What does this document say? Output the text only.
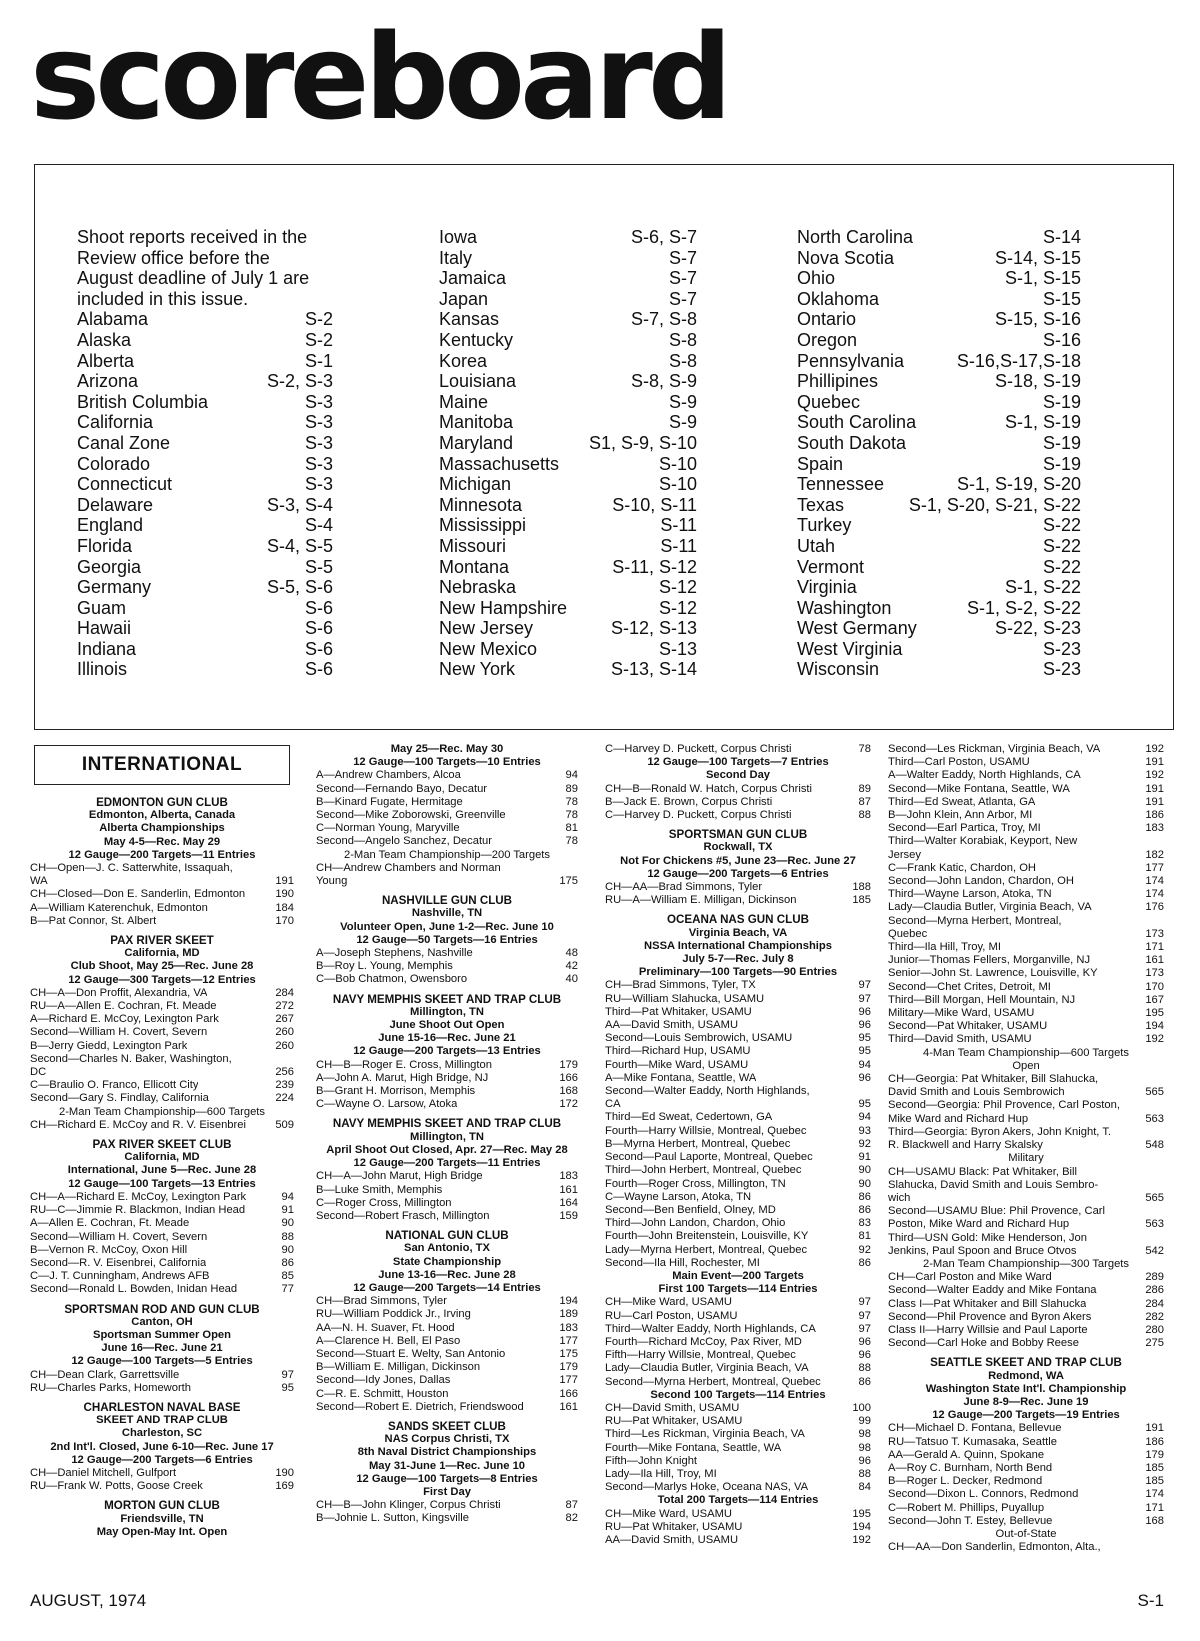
scoreboard
Shoot reports received in the
Review office before the
August deadline of July 1 are
included in this issue.
Alabama	S-2
Alaska	S-2
Alberta	S-1
Arizona	S-2, S-3
British Columbia	S-3
California	S-3
Canal Zone	S-3
Colorado	S-3
Connecticut	S-3
Delaware	S-3, S-4
England	S-4
Florida	S-4, S-5
Georgia	S-5
Germany	S-5, S-6
Guam	S-6
Hawaii	S-6
Indiana	S-6
Illinois	S-6
Iowa	S-6, S-7
Italy	S-7
Jamaica	S-7
Japan	S-7
Kansas	S-7, S-8
Kentucky	S-8
Korea	S-8
Louisiana	S-8, S-9
Maine	S-9
Manitoba	S-9
Maryland	S1, S-9, S-10
Massachusetts	S-10
Michigan	S-10
Minnesota	S-10, S-11
Mississippi	S-11
Missouri	S-11
Montana	S-11, S-12
Nebraska	S-12
New Hampshire	S-12
New Jersey	S-12, S-13
New Mexico	S-13
New York	S-13, S-14
North Carolina	S-14
Nova Scotia	S-14, S-15
Ohio	S-1, S-15
Oklahoma	S-15
Ontario	S-15, S-16
Oregon	S-16
Pennsylvania	S-16,S-17,S-18
Phillipines	S-18, S-19
Quebec	S-19
South Carolina	S-1, S-19
South Dakota	S-19
Spain	S-19
Tennessee	S-1, S-19, S-20
Texas	S-1, S-20, S-21, S-22
Turkey	S-22
Utah	S-22
Vermont	S-22
Virginia	S-1, S-22
Washington	S-1, S-2, S-22
West Germany	S-22, S-23
West Virginia	S-23
Wisconsin	S-23
INTERNATIONAL
EDMONTON GUN CLUB
Edmonton, Alberta, Canada
Alberta Championships
May 4-5—Rec. May 29
12 Gauge—200 Targets—11 Entries
CH—Open—J. C. Satterwhite, Issaquah,
WA	191
CH—Closed—Don E. Sanderlin, Edmonton	190
A—William Katerenchuk, Edmonton	184
B—Pat Connor, St. Albert	170
PAX RIVER SKEET
California, MD
Club Shoot, May 25—Rec. June 28
12 Gauge—300 Targets—12 Entries
CH—A—Don Proffit, Alexandria, VA	284
RU—A—Allen E. Cochran, Ft. Meade	272
A—Richard E. McCoy, Lexington Park	267
Second—William H. Covert, Severn	260
B—Jerry Giedd, Lexington Park	260
Second—Charles N. Baker, Washington,
DC	256
C—Braulio O. Franco, Ellicott City	239
Second—Gary S. Findlay, California	224
2-Man Team Championship—600 Targets
CH—Richard E. McCoy and R. V. Eisenbrei	509
PAX RIVER SKEET CLUB
California, MD
International, June 5—Rec. June 28
12 Gauge—100 Targets—13 Entries
CH—A—Richard E. McCoy, Lexington Park	94
RU—C—Jimmie R. Blackmon, Indian Head	91
A—Allen E. Cochran, Ft. Meade	90
Second—William H. Covert, Severn	88
B—Vernon R. McCoy, Oxon Hill	90
Second—R. V. Eisenbrei, California	86
C—J. T. Cunningham, Andrews AFB	85
Second—Ronald L. Bowden, Inidan Head	77
SPORTSMAN ROD AND GUN CLUB
Canton, OH
Sportsman Summer Open
June 16—Rec. June 21
12 Gauge—100 Targets—5 Entries
CH—Dean Clark, Garrettsville	97
RU—Charles Parks, Homeworth	95
CHARLESTON NAVAL BASE
SKEET AND TRAP CLUB
Charleston, SC
2nd Int'l. Closed, June 6-10—Rec. June 17
12 Gauge—200 Targets—6 Entries
CH—Daniel Mitchell, Gulfport	190
RU—Frank W. Potts, Goose Creek	169
MORTON GUN CLUB
Friendsville, TN
May Open-May Int. Open
May 25—Rec. May 30
12 Gauge—100 Targets—10 Entries
A—Andrew Chambers, Alcoa	94
Second—Fernando Bayo, Decatur	89
B—Kinard Fugate, Hermitage	78
Second—Mike Zoborowski, Greenville	78
C—Norman Young, Maryville	81
Second—Angelo Sanchez, Decatur	78
2-Man Team Championship—200 Targets
CH—Andrew Chambers and Norman
Young	175
NASHVILLE GUN CLUB
Nashville, TN
Volunteer Open, June 1-2—Rec. June 10
12 Gauge—50 Targets—16 Entries
A—Joseph Stephens, Nashville	48
B—Roy L. Young, Memphis	42
C—Bob Chatmon, Owensboro	40
NAVY MEMPHIS SKEET AND TRAP CLUB
Millington, TN
June Shoot Out Open
June 15-16—Rec. June 21
12 Gauge—200 Targets—13 Entries
CH—B—Roger E. Cross, Millington	179
A—John A. Marut, High Bridge, NJ	166
B—Grant H. Morrison, Memphis	168
C—Wayne O. Larsow, Atoka	172
NAVY MEMPHIS SKEET AND TRAP CLUB
Millington, TN
April Shoot Out Closed, Apr. 27—Rec. May 28
12 Gauge—200 Targets—11 Entries
CH—A—John Marut, High Bridge	183
B—Luke Smith, Memphis	161
C—Roger Cross, Millington	164
Second—Robert Frasch, Millington	159
NATIONAL GUN CLUB
San Antonio, TX
State Championship
June 13-16—Rec. June 28
12 Gauge—200 Targets—14 Entries
CH—Brad Simmons, Tyler	194
RU—William Poddick Jr., Irving	189
AA—N. H. Suaver, Ft. Hood	183
A—Clarence H. Bell, El Paso	177
Second—Stuart E. Welty, San Antonio	175
B—William E. Milligan, Dickinson	179
Second—Idy Jones, Dallas	177
C—R. E. Schmitt, Houston	166
Second—Robert E. Dietrich, Friendswood	161
SANDS SKEET CLUB
NAS Corpus Christi, TX
8th Naval District Championships
May 31-June 1—Rec. June 10
12 Gauge—100 Targets—8 Entries
First Day
CH—B—John Klinger, Corpus Christi	87
B—Johnie L. Sutton, Kingsville	82
C—Harvey D. Puckett, Corpus Christi	78
12 Gauge—100 Targets—7 Entries
Second Day
CH—B—Ronald W. Hatch, Corpus Christi	89
B—Jack E. Brown, Corpus Christi	87
C—Harvey D. Puckett, Corpus Christi	88
SPORTSMAN GUN CLUB
Rockwall, TX
Not For Chickens #5, June 23—Rec. June 27
12 Gauge—200 Targets—6 Entries
CH—AA—Brad Simmons, Tyler	188
RU—A—William E. Milligan, Dickinson	185
OCEANA NAS GUN CLUB
Virginia Beach, VA
NSSA International Championships
July 5-7—Rec. July 8
Preliminary—100 Targets—90 Entries
CH—Brad Simmons, Tyler, TX	97
RU—William Slahucka, USAMU	97
Third—Pat Whitaker, USAMU	96
AA—David Smith, USAMU	96
Second—Louis Sembrowich, USAMU	95
Third—Richard Hup, USAMU	95
Fourth—Mike Ward, USAMU	94
A—Mike Fontana, Seattle, WA	96
Second—Walter Eaddy, North Highlands,
CA	95
Third—Ed Sweat, Cedertown, GA	94
Fourth—Harry Willsie, Montreal, Quebec	93
B—Myrna Herbert, Montreal, Quebec	92
Second—Paul Laporte, Montreal, Quebec	91
Third—John Herbert, Montreal, Quebec	90
Fourth—Roger Cross, Millington, TN	90
C—Wayne Larson, Atoka, TN	86
Second—Ben Benfield, Olney, MD	86
Third—John Landon, Chardon, Ohio	83
Fourth—John Breitenstein, Louisville, KY	81
Lady—Myrna Herbert, Montreal, Quebec	92
Second—Ila Hill, Rochester, MI	86
Main Event—200 Targets
First 100 Targets—114 Entries
CH—Mike Ward, USAMU	97
RU—Carl Poston, USAMU	97
Third—Walter Eaddy, North Highlands, CA	97
Fourth—Richard McCoy, Pax River, MD	96
Fifth—Harry Willsie, Montreal, Quebec	96
Lady—Claudia Butler, Virginia Beach, VA	88
Second—Myrna Herbert, Montreal, Quebec	86
Second 100 Targets—114 Entries
CH—David Smith, USAMU	100
RU—Pat Whitaker, USAMU	99
Third—Les Rickman, Virginia Beach, VA	98
Fourth—Mike Fontana, Seattle, WA	98
Fifth—John Knight	96
Lady—Ila Hill, Troy, MI	88
Second—Marlys Hoke, Oceana NAS, VA	84
Total 200 Targets—114 Entries
CH—Mike Ward, USAMU	195
RU—Pat Whitaker, USAMU	194
AA—David Smith, USAMU	192
Second—Les Rickman, Virginia Beach, VA	192
Third—Carl Poston, USAMU	191
A—Walter Eaddy, North Highlands, CA	192
Second—Mike Fontana, Seattle, WA	191
Third—Ed Sweat, Atlanta, GA	191
B—John Klein, Ann Arbor, MI	186
Second—Earl Partica, Troy, MI	183
Third—Walter Korabiak, Keyport, New
Jersey	182
C—Frank Katic, Chardon, OH	177
Second—John Landon, Chardon, OH	174
Third—Wayne Larson, Atoka, TN	174
Lady—Claudia Butler, Virginia Beach, VA	176
Second—Myrna Herbert, Montreal,
Quebec	173
Third—Ila Hill, Troy, MI	171
Junior—Thomas Fellers, Morganville, NJ	161
Senior—John St. Lawrence, Louisville, KY	173
Second—Chet Crites, Detroit, MI	170
Third—Bill Morgan, Hell Mountain, NJ	167
Military—Mike Ward, USAMU	195
Second—Pat Whitaker, USAMU	194
Third—David Smith, USAMU	192
4-Man Team Championship—600 Targets
Open
CH—Georgia: Pat Whitaker, Bill Slahucka,
David Smith and Louis Sembrowich	565
Second—Georgia: Phil Provence, Carl Poston,
Mike Ward and Richard Hup	563
Third—Georgia: Byron Akers, John Knight, T.
R. Blackwell and Harry Skalsky	548
Military
CH—USAMU Black: Pat Whitaker, Bill
Slahucka, David Smith and Louis Sembro-
wich	565
Second—USAMU Blue: Phil Provence, Carl
Poston, Mike Ward and Richard Hup	563
Third—USN Gold: Mike Henderson, Jon
Jenkins, Paul Spoon and Bruce Otvos	542
2-Man Team Championship—300 Targets
CH—Carl Poston and Mike Ward	289
Second—Walter Eaddy and Mike Fontana	286
Class I—Pat Whitaker and Bill Slahucka	284
Second—Phil Provence and Byron Akers	282
Class II—Harry Willsie and Paul Laporte	280
Second—Carl Hoke and Bobby Reese	275
SEATTLE SKEET AND TRAP CLUB
Redmond, WA
Washington State Int'l. Championship
June 8-9—Rec. June 19
12 Gauge—200 Targets—19 Entries
CH—Michael D. Fontana, Bellevue	191
RU—Tatsuo T. Kumasaka, Seattle	186
AA—Gerald A. Quinn, Spokane	179
A—Roy C. Burnham, North Bend	185
B—Roger L. Decker, Redmond	185
Second—Dixon L. Connors, Redmond	174
C—Robert M. Phillips, Puyallup	171
Second—John T. Estey, Bellevue	168
Out-of-State
CH—AA—Don Sanderlin, Edmonton, Alta.,
AUGUST, 1974	S-1
